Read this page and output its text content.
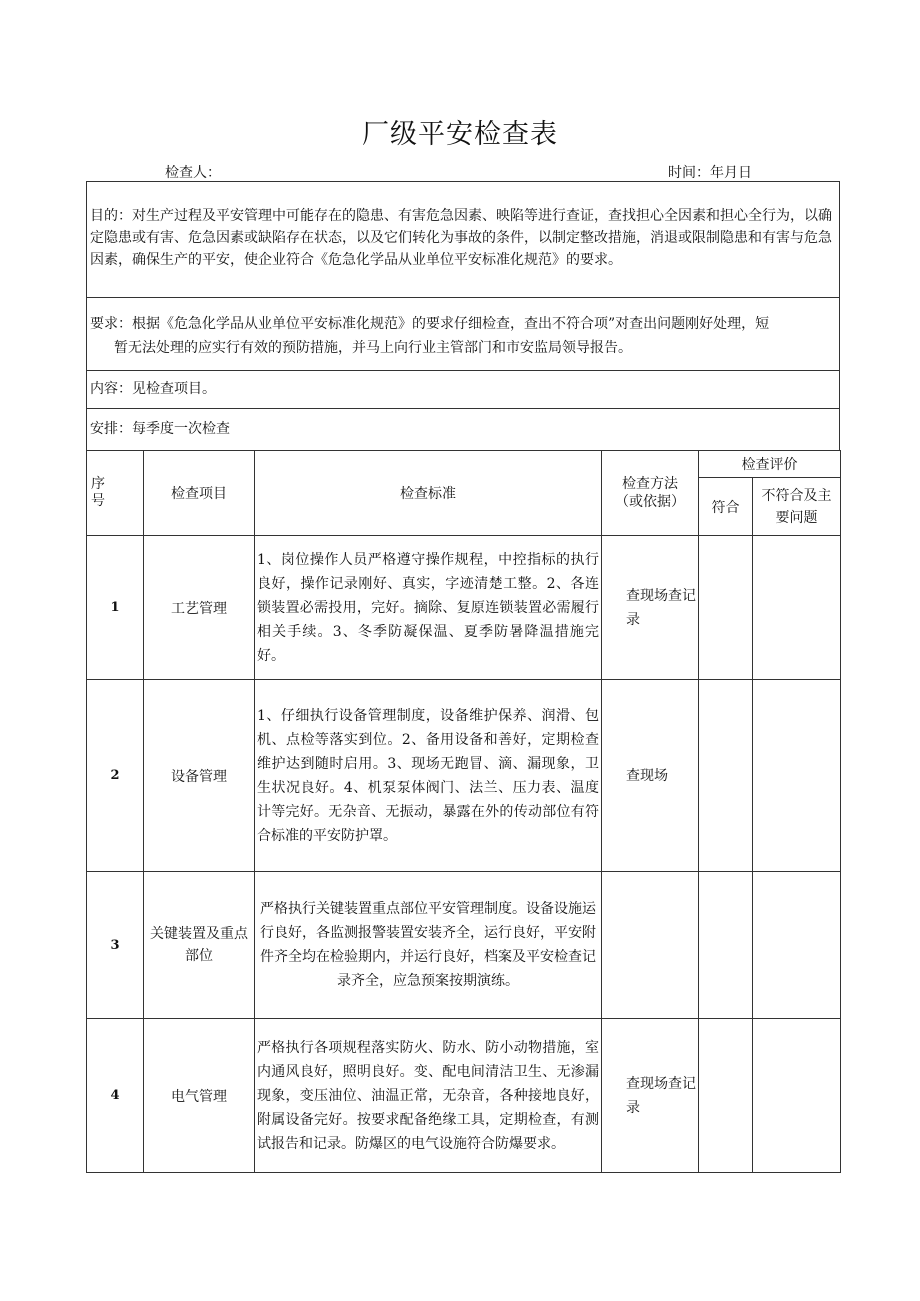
厂级平安检查表
检查人：	时间：年月日
目的：对生产过程及平安管理中可能存在的隐患、有害危急因素、映陷等进行查证，查找担心全因素和担心全行为，以确定隐患或有害、危急因素或缺陷存在状态，以及它们转化为事故的条件，以制定整改措施，消退或限制隐患和有害与危急因素，确保生产的平安，使企业符合《危急化学品从业单位平安标准化规范》的要求。
要求：根据《危急化学品从业单位平安标准化规范》的要求仔细检查，查出不符合项”对查出问题刚好处理，短
暂无法处理的应实行有效的预防措施，并马上向行业主管部门和市安监局领导报告。
内容：见检查项目。
安排：每季度一次检查
序号	检查项目	检查标准	检查方法（或依据）	检查评价	
				符合	不符合及主要问题
1	工艺管理	1、岗位操作人员严格遵守操作规程，中控指标的执行良好，操作记录刚好、真实，字迹清楚工整。2、各连锁装置必需投用，完好。摘除、复原连锁装置必需履行相关手续。3、冬季防凝保温、夏季防暑降温措施完好。	查现场查记录		
2	设备管理	1、仔细执行设备管理制度，设备维护保养、润滑、包机、点检等落实到位。2、备用设备和善好，定期检查维护达到随时启用。3、现场无跑冒、滴、漏现象，卫生状况良好。4、机泵泵体阀门、法兰、压力表、温度计等完好。无杂音、无振动，暴露在外的传动部位有符合标准的平安防护罩。	查现场		
3	关键装置及重点部位	严格执行关键装置重点部位平安管理制度。设备设施运行良好，各监测报警装置安装齐全，运行良好，平安附件齐全均在检验期内，并运行良好，档案及平安检查记录齐全，应急预案按期演练。			
4	电气管理	严格执行各项规程落实防火、防水、防小动物措施，室内通风良好，照明良好。变、配电间清洁卫生、无渗漏现象，变压油位、油温正常，无杂音，各种接地良好，附属设备完好。按要求配备绝缘工具，定期检查，有测试报告和记录。防爆区的电气设施符合防爆要求。	查现场查记录		
